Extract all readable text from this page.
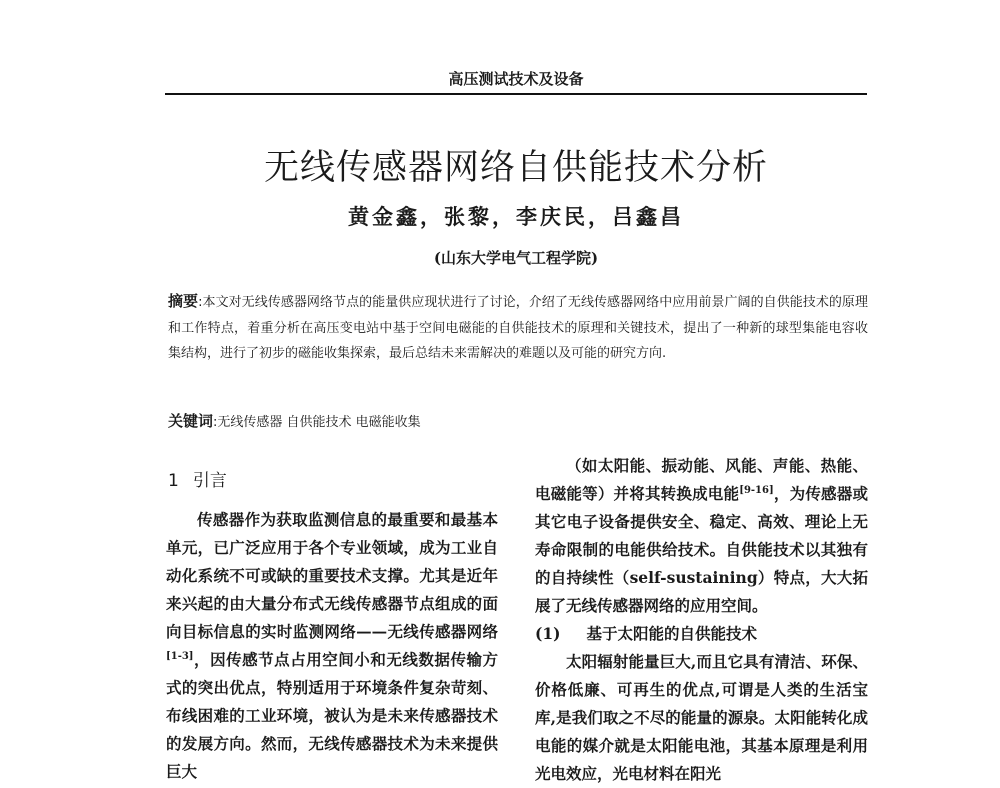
高压测试技术及设备
无线传感器网络自供能技术分析
黄金鑫，张黎，李庆民，吕鑫昌
(山东大学电气工程学院)
摘要:本文对无线传感器网络节点的能量供应现状进行了讨论，介绍了无线传感器网络中应用前景广阔的自供能技术的原理和工作特点，着重分析在高压变电站中基于空间电磁能的自供能技术的原理和关键技术，提出了一种新的球型集能电容收集结构，进行了初步的磁能收集探索，最后总结未来需解决的难题以及可能的研究方向.
关键词:无线传感器 自供能技术 电磁能收集
1 引言

传感器作为获取监测信息的最重要和最基本单元，已广泛应用于各个专业领域，成为工业自动化系统不可或缺的重要技术支撑。尤其是近年来兴起的由大量分布式无线传感器节点组成的面向目标信息的实时监测网络——无线传感器网络[1-3]，因传感节点占用空间小和无线数据传输方式的突出优点，特别适用于环境条件复杂苛刻、布线困难的工业环境，被认为是未来传感器技术的发展方向。然而，无线传感器技术为未来提供巨大

（如太阳能、振动能、风能、声能、热能、电磁能等）并将其转换成电能[9-16]，为传感器或其它电子设备提供安全、稳定、高效、理论上无寿命限制的电能供给技术。自供能技术以其独有的自持续性（self-sustaining）特点，大大拓展了无线传感器网络的应用空间。

(1) 基于太阳能的自供能技术

太阳辐射能量巨大,而且它具有清洁、环保、价格低廉、可再生的优点,可谓是人类的生活宝库,是我们取之不尽的能量的源泉。太阳能转化成电能的媒介就是太阳能电池，其基本原理是利用光电效应，光电材料在阳光
